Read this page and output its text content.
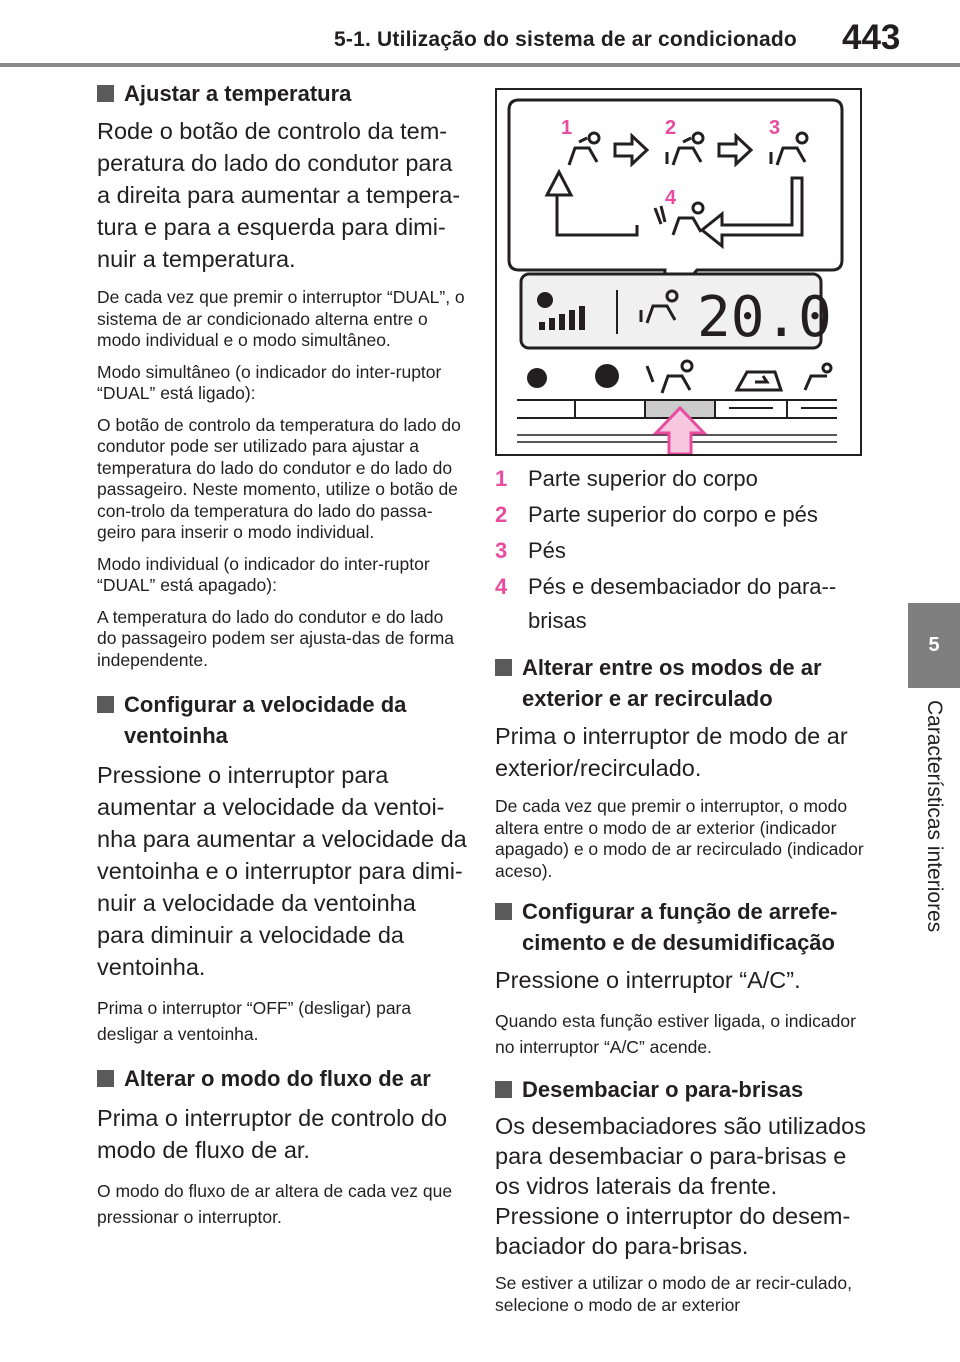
5-1. Utilização do sistema de ar condicionado 443
5
Características interiores
Ajustar a temperatura

Rode o botão de controlo da tem-peratura do lado do condutor para a direita para aumentar a tempera-tura e para a esquerda para dimi-nuir a temperatura.

De cada vez que premir o interruptor “DUAL”, o sistema de ar condicionado alterna entre o modo individual e o modo simultâneo.

Modo simultâneo (o indicador do inter-ruptor “DUAL” está ligado):

O botão de controlo da temperatura do lado do condutor pode ser utilizado para ajustar a temperatura do lado do condutor e do lado do passageiro. Neste momento, utilize o botão de con-trolo da temperatura do lado do passa-geiro para inserir o modo individual.

Modo individual (o indicador do inter-ruptor “DUAL” está apagado):

A temperatura do lado do condutor e do lado do passageiro podem ser ajusta-das de forma independente.

Configurar a velocidade da ventoinha

Pressione o interruptor para aumentar a velocidade da ventoi-nha para aumentar a velocidade da ventoinha e o interruptor para dimi-nuir a velocidade da ventoinha para diminuir a velocidade da ventoinha.

Prima o interruptor “OFF” (desligar) para desligar a ventoinha.

Alterar o modo do fluxo de ar

Prima o interruptor de controlo do modo de fluxo de ar.

O modo do fluxo de ar altera de cada vez que pressionar o interruptor.

1	2	3
4
20.0
1 Parte superior do corpo
2 Parte superior do corpo e pés
3 Pés
4 Pés e desembaciador do para--brisas
Alterar entre os modos de ar exterior e ar recirculado

Prima o interruptor de modo de ar exterior/recirculado.

De cada vez que premir o interruptor, o modo altera entre o modo de ar exterior (indicador apagado) e o modo de ar recirculado (indicador aceso).

Configurar a função de arrefe-cimento e de desumidificação

Pressione o interruptor “A/C”.

Quando esta função estiver ligada, o indicador no interruptor “A/C” acende.

Desembaciar o para-brisas

Os desembaciadores são utilizados para desembaciar o para-brisas e os vidros laterais da frente. Pressione o interruptor do desem-baciador do para-brisas.

Se estiver a utilizar o modo de ar recir-culado, selecione o modo de ar exterior
